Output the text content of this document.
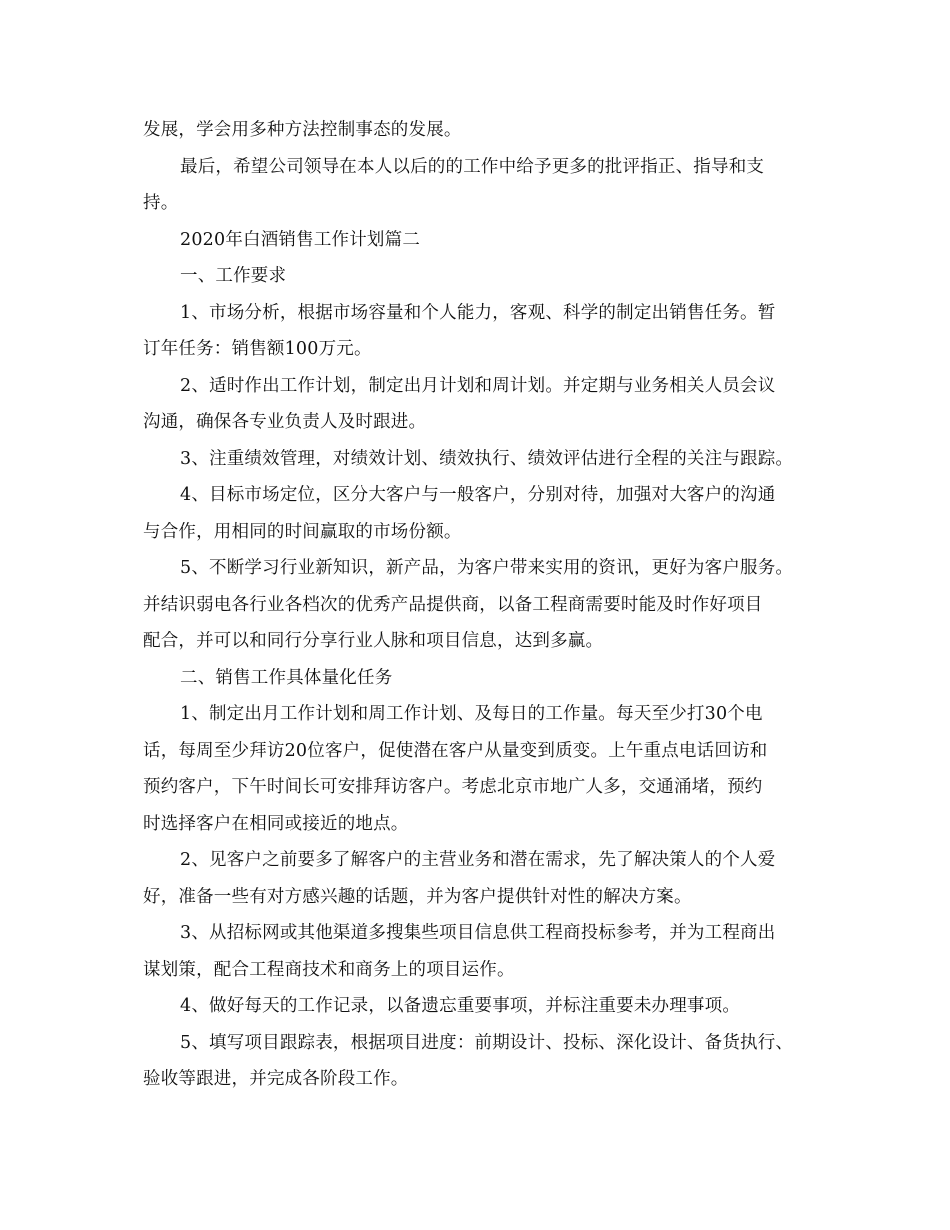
发展，学会用多种方法控制事态的发展。
最后，希望公司领导在本人以后的的工作中给予更多的批评指正、指导和支
持。
2020年白酒销售工作计划篇二
一、工作要求
1、市场分析，根据市场容量和个人能力，客观、科学的制定出销售任务。暂
订年任务：销售额100万元。
2、适时作出工作计划，制定出月计划和周计划。并定期与业务相关人员会议
沟通，确保各专业负责人及时跟进。
3、注重绩效管理，对绩效计划、绩效执行、绩效评估进行全程的关注与跟踪。
4、目标市场定位，区分大客户与一般客户，分别对待，加强对大客户的沟通
与合作，用相同的时间赢取的市场份额。
5、不断学习行业新知识，新产品，为客户带来实用的资讯，更好为客户服务。
并结识弱电各行业各档次的优秀产品提供商，以备工程商需要时能及时作好项目
配合，并可以和同行分享行业人脉和项目信息，达到多赢。
二、销售工作具体量化任务
1、制定出月工作计划和周工作计划、及每日的工作量。每天至少打30个电
话，每周至少拜访20位客户，促使潜在客户从量变到质变。上午重点电话回访和
预约客户，下午时间长可安排拜访客户。考虑北京市地广人多，交通涌堵，预约
时选择客户在相同或接近的地点。
2、见客户之前要多了解客户的主营业务和潜在需求，先了解决策人的个人爱
好，准备一些有对方感兴趣的话题，并为客户提供针对性的解决方案。
3、从招标网或其他渠道多搜集些项目信息供工程商投标参考，并为工程商出
谋划策，配合工程商技术和商务上的项目运作。
4、做好每天的工作记录，以备遗忘重要事项，并标注重要未办理事项。
5、填写项目跟踪表，根据项目进度：前期设计、投标、深化设计、备货执行、
验收等跟进，并完成各阶段工作。
